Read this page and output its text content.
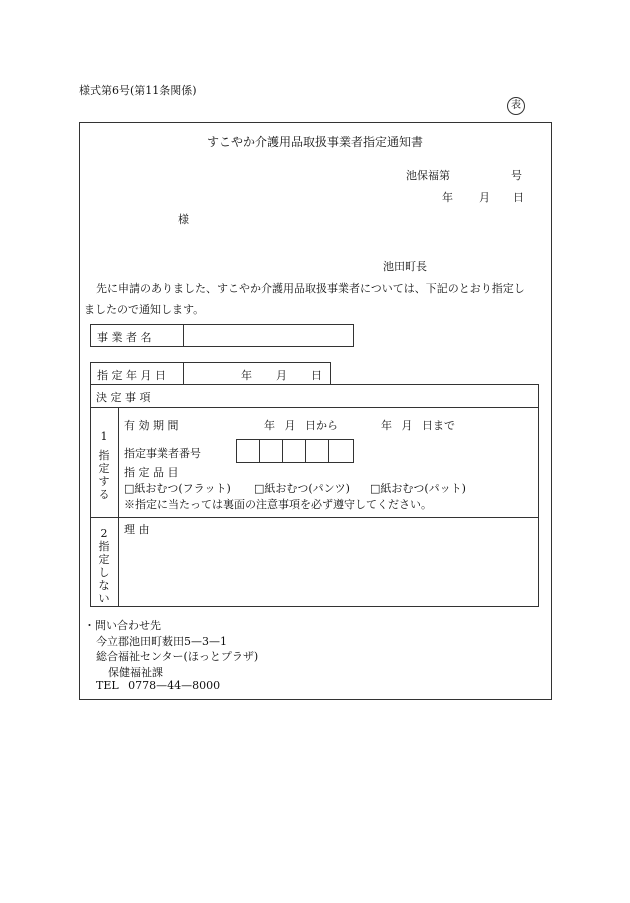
様式第6号(第11条関係)
表
すこやか介護用品取扱事業者指定通知書
池保福第	号
年 月 日
様
池田町長
先に申請のありました、すこやか介護用品取扱事業者については、下記のとおり指定し
ましたので通知します。
事 業 者 名
指 定 年 月 日	年 月 日
決 定 事 項
1
指
定
す
る
有 効 期 間	年 月 日から	年 月 日まで
指定事業者番号
指 定 品 目
□紙おむつ(フラット) □紙おむつ(パンツ) □紙おむつ(パット)
※指定に当たっては裏面の注意事項を必ず遵守してください。
2
指
定
し
な
い
理 由
・問い合わせ先
今立郡池田町薮田5—3—1
総合福祉センター(ほっとプラザ)
保健福祉課
TEL 0778—44—8000
